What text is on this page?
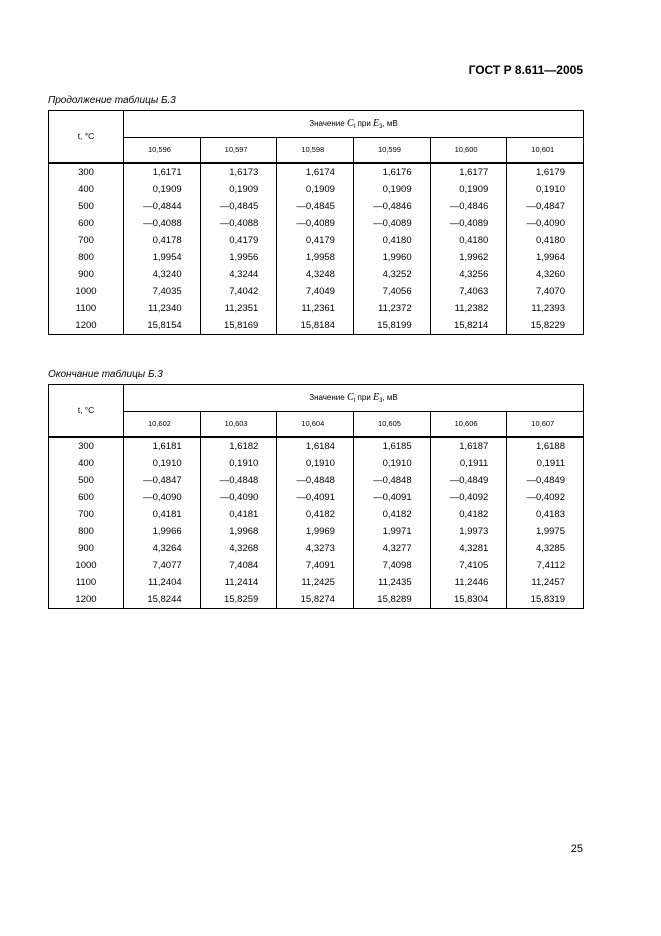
ГОСТ Р 8.611—2005
Продолжение таблицы Б.3
t, °C	Значение $C_t$ при $E_3$, мВ					
	10,596	10,597	10,598	10,599	10,600	10,601
300	1,6171	1,6173	1,6174	1,6176	1,6177	1,6179
400	0,1909	0,1909	0,1909	0,1909	0,1909	0,1910
500	—0,4844	—0,4845	—0,4845	—0,4846	—0,4846	—0,4847
600	—0,4088	—0,4088	—0,4089	—0,4089	—0,4089	—0,4090
700	0,4178	0,4179	0,4179	0,4180	0,4180	0,4180
800	1,9954	1,9956	1,9958	1,9960	1,9962	1,9964
900	4,3240	4,3244	4,3248	4,3252	4,3256	4,3260
1000	7,4035	7,4042	7,4049	7,4056	7,4063	7,4070
1100	11,2340	11,2351	11,2361	11,2372	11,2382	11,2393
1200	15,8154	15,8169	15,8184	15,8199	15,8214	15,8229
Окончание таблицы Б.3
t, °C	Значение $C_t$ при $E_3$, мВ					
	10,602	10,603	10,604	10,605	10,606	10,607
300	1,6181	1,6182	1,6184	1,6185	1,6187	1,6188
400	0,1910	0,1910	0,1910	0,1910	0,1911	0,1911
500	—0,4847	—0,4848	—0,4848	—0,4848	—0,4849	—0,4849
600	—0,4090	—0,4090	—0,4091	—0,4091	—0,4092	—0,4092
700	0,4181	0,4181	0,4182	0,4182	0,4182	0,4183
800	1,9966	1,9968	1,9969	1,9971	1,9973	1,9975
900	4,3264	4,3268	4,3273	4,3277	4,3281	4,3285
1000	7,4077	7,4084	7,4091	7,4098	7,4105	7,4112
1100	11,2404	11,2414	11,2425	11,2435	11,2446	11,2457
1200	15,8244	15,8259	15,8274	15,8289	15,8304	15,8319
25
